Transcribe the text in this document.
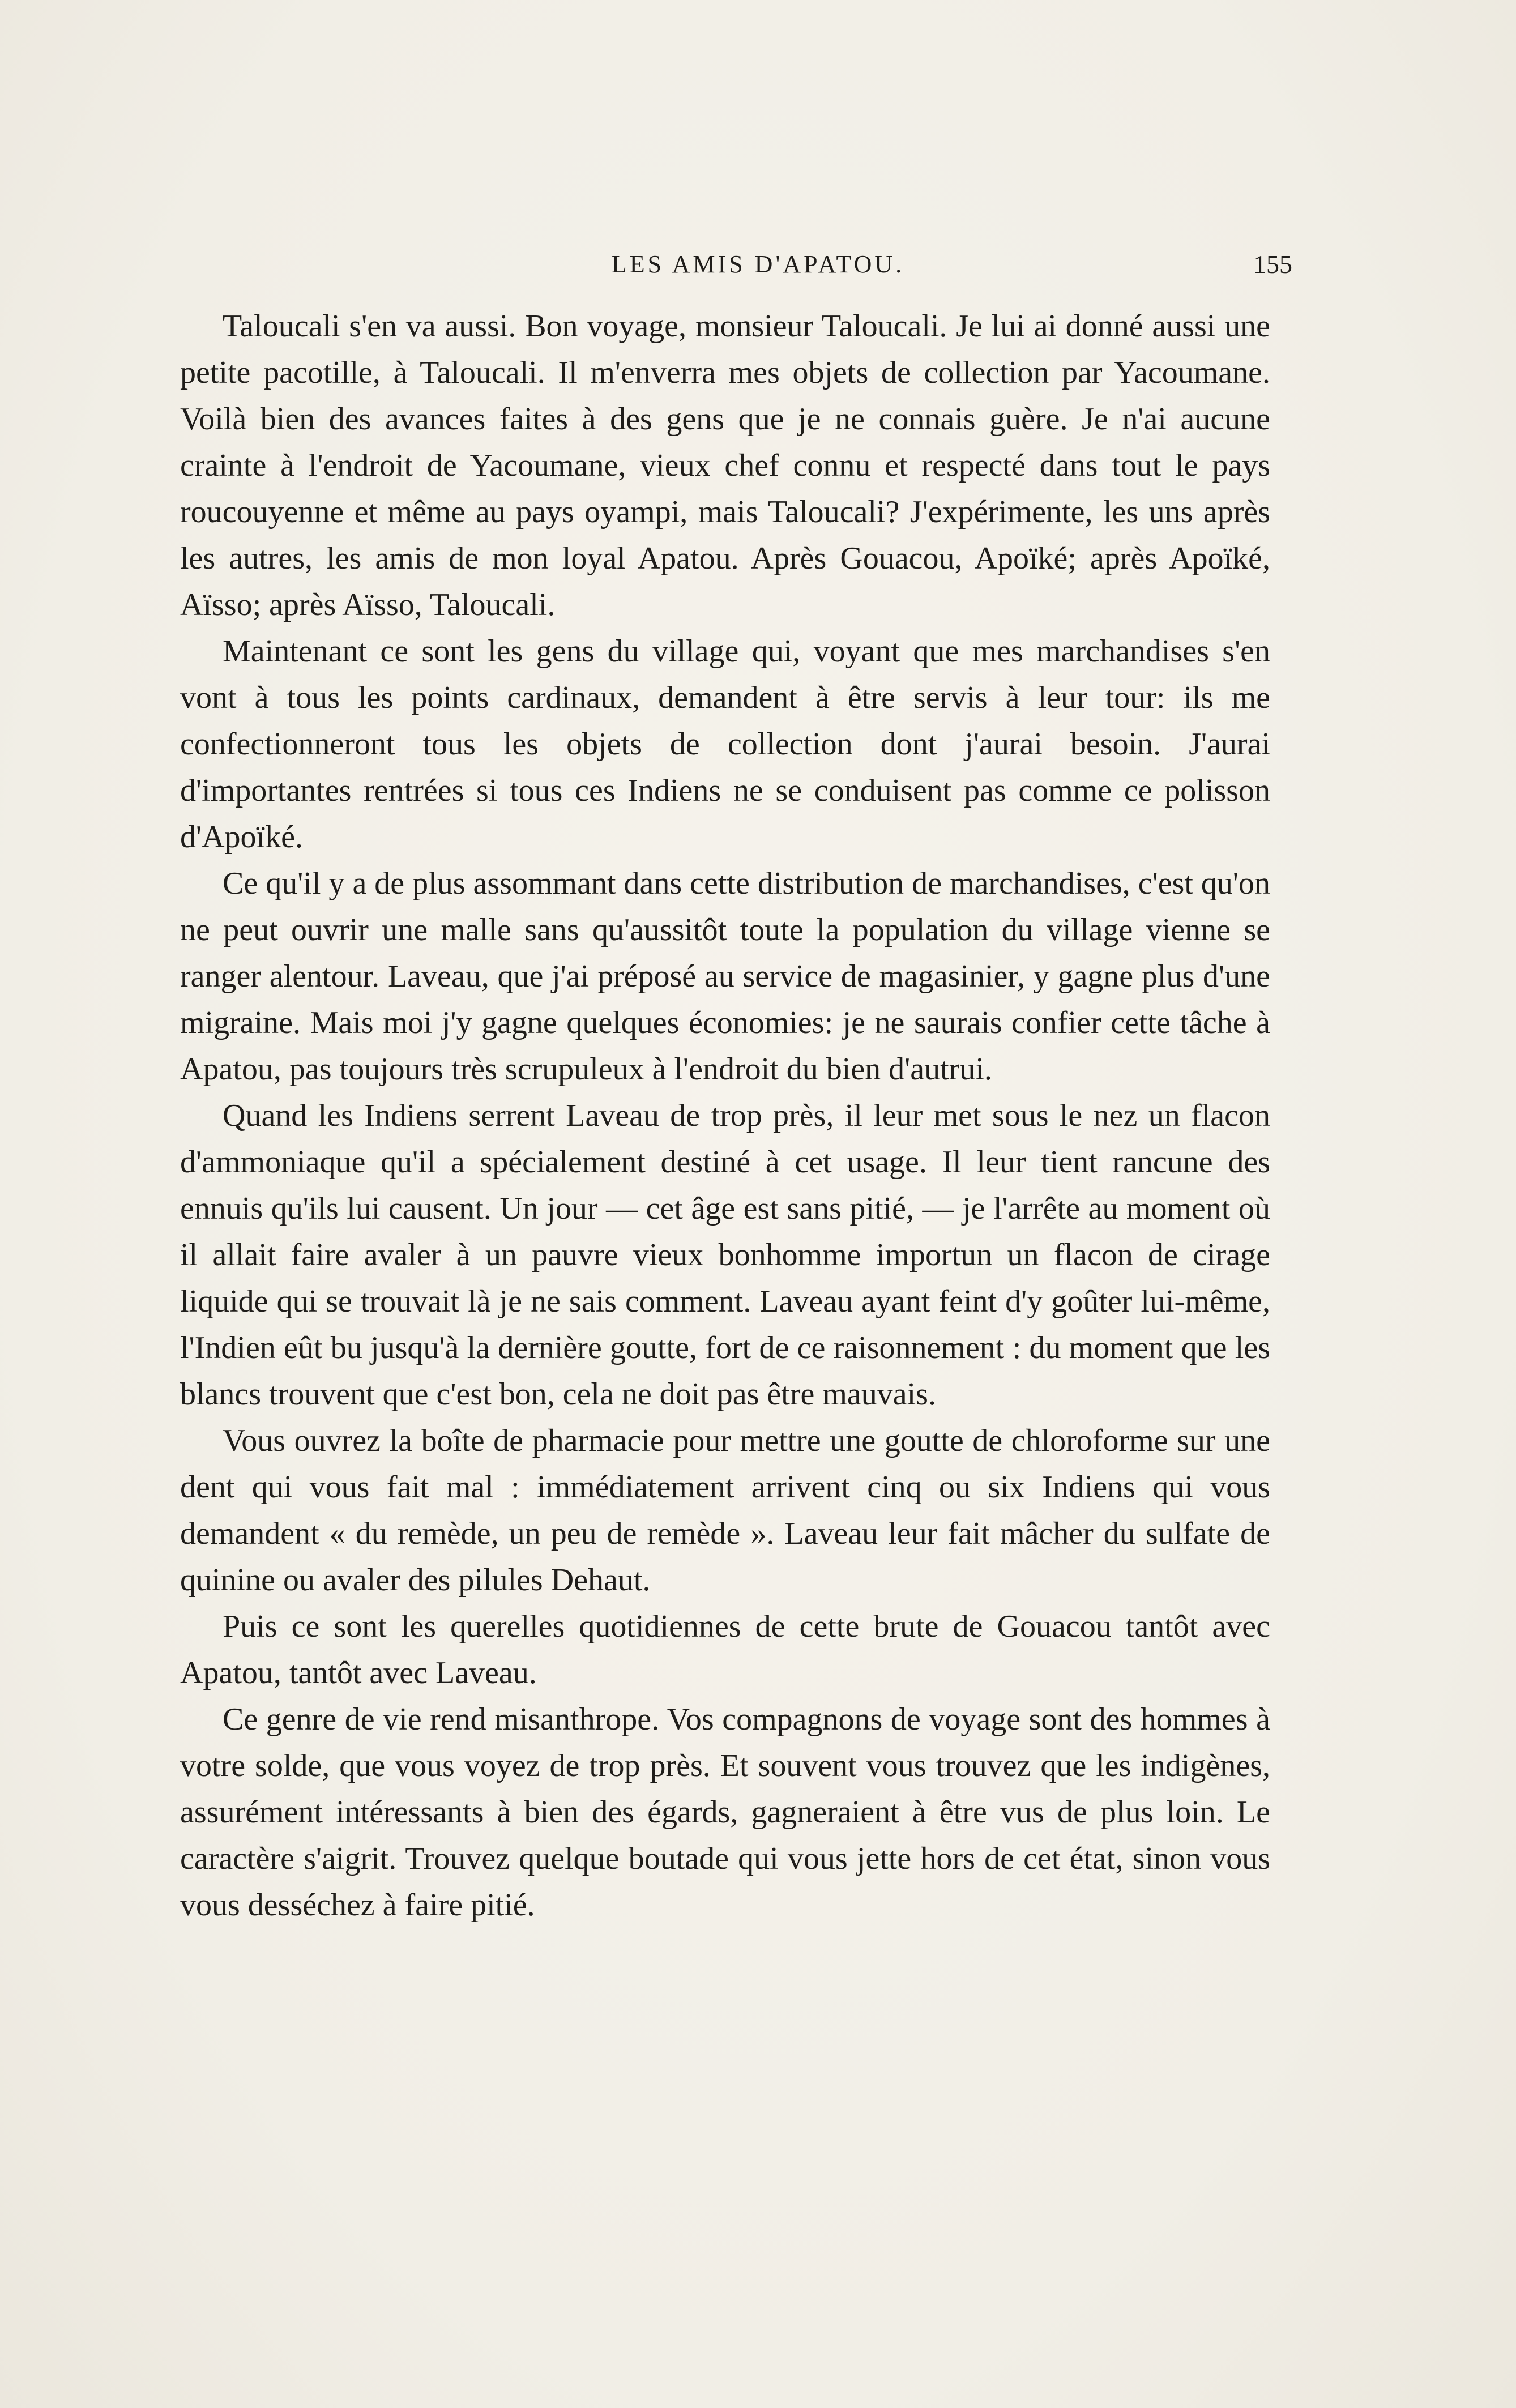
LES AMIS D'APATOU.	155

Taloucali s'en va aussi. Bon voyage, monsieur Taloucali. Je lui ai donné aussi une petite pacotille, à Taloucali. Il m'enverra mes objets de collection par Yacoumane. Voilà bien des avances faites à des gens que je ne connais guère. Je n'ai aucune crainte à l'endroit de Yacoumane, vieux chef connu et respecté dans tout le pays roucouyenne et même au pays oyampi, mais Taloucali? J'expérimente, les uns après les autres, les amis de mon loyal Apatou. Après Gouacou, Apoïké; après Apoïké, Aïsso; après Aïsso, Taloucali.

Maintenant ce sont les gens du village qui, voyant que mes marchandises s'en vont à tous les points cardinaux, demandent à être servis à leur tour: ils me confectionneront tous les objets de collection dont j'aurai besoin. J'aurai d'importantes rentrées si tous ces Indiens ne se conduisent pas comme ce polisson d'Apoïké.

Ce qu'il y a de plus assommant dans cette distribution de marchandises, c'est qu'on ne peut ouvrir une malle sans qu'aussitôt toute la population du village vienne se ranger alentour. Laveau, que j'ai préposé au service de magasinier, y gagne plus d'une migraine. Mais moi j'y gagne quelques économies: je ne saurais confier cette tâche à Apatou, pas toujours très scrupuleux à l'endroit du bien d'autrui.

Quand les Indiens serrent Laveau de trop près, il leur met sous le nez un flacon d'ammoniaque qu'il a spécialement destiné à cet usage. Il leur tient rancune des ennuis qu'ils lui causent. Un jour — cet âge est sans pitié, — je l'arrête au moment où il allait faire avaler à un pauvre vieux bonhomme importun un flacon de cirage liquide qui se trouvait là je ne sais comment. Laveau ayant feint d'y goûter lui-même, l'Indien eût bu jusqu'à la dernière goutte, fort de ce raisonnement : du moment que les blancs trouvent que c'est bon, cela ne doit pas être mauvais.

Vous ouvrez la boîte de pharmacie pour mettre une goutte de chloroforme sur une dent qui vous fait mal : immédiatement arrivent cinq ou six Indiens qui vous demandent « du remède, un peu de remède ». Laveau leur fait mâcher du sulfate de quinine ou avaler des pilules Dehaut.

Puis ce sont les querelles quotidiennes de cette brute de Gouacou tantôt avec Apatou, tantôt avec Laveau.

Ce genre de vie rend misanthrope. Vos compagnons de voyage sont des hommes à votre solde, que vous voyez de trop près. Et souvent vous trouvez que les indigènes, assurément intéressants à bien des égards, gagneraient à être vus de plus loin. Le caractère s'aigrit. Trouvez quelque boutade qui vous jette hors de cet état, sinon vous vous desséchez à faire pitié.
